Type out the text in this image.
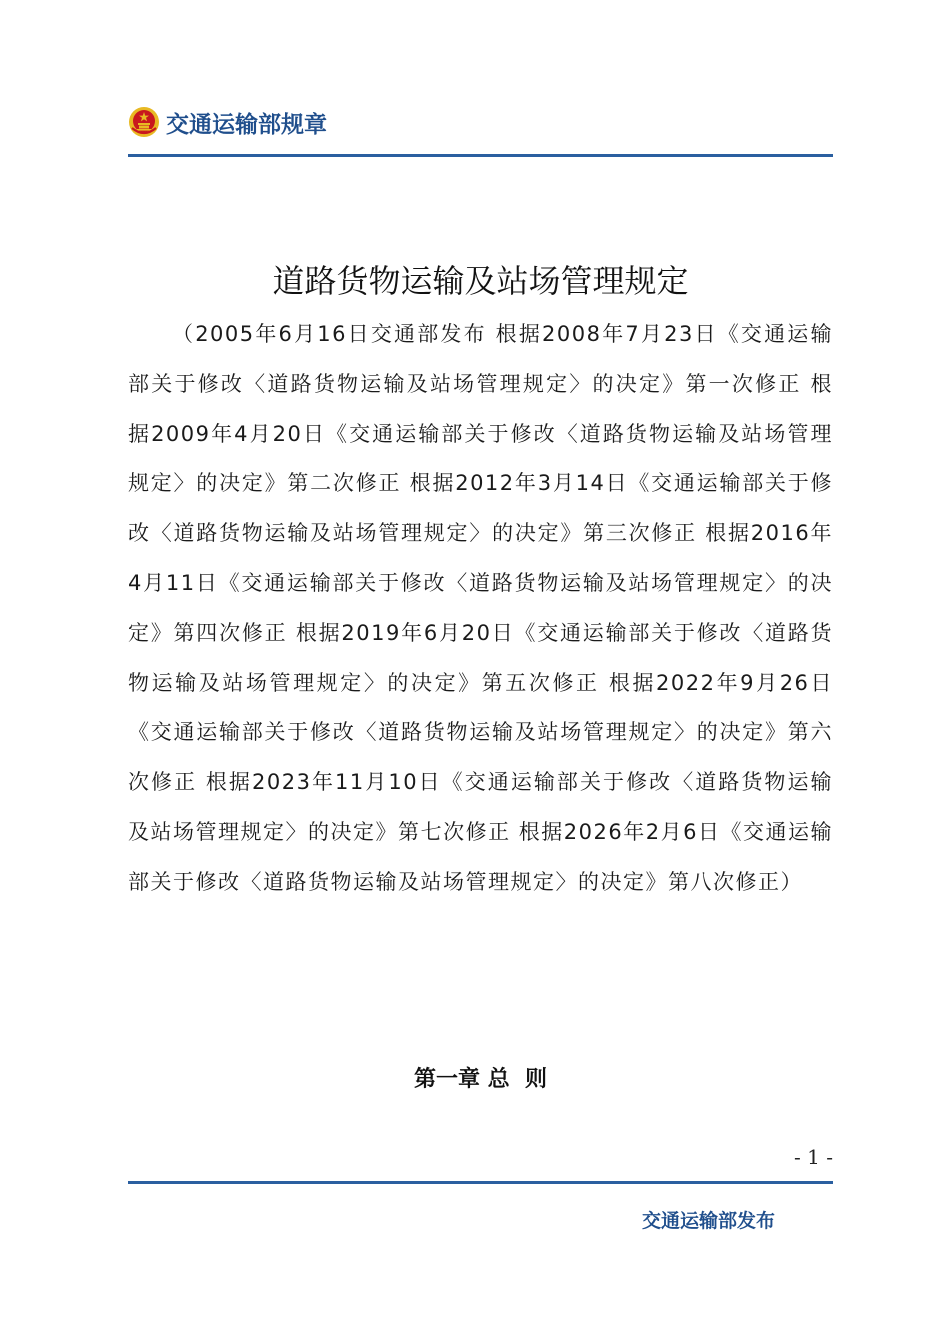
交通运输部规章
道路货物运输及站场管理规定

（2005年6月16日交通部发布 根据2008年7月23日《交通运输部关于修改〈道路货物运输及站场管理规定〉的决定》第一次修正 根据2009年4月20日《交通运输部关于修改〈道路货物运输及站场管理规定〉的决定》第二次修正 根据2012年3月14日《交通运输部关于修改〈道路货物运输及站场管理规定〉的决定》第三次修正 根据2016年4月11日《交通运输部关于修改〈道路货物运输及站场管理规定〉的决定》第四次修正 根据2019年6月20日《交通运输部关于修改〈道路货物运输及站场管理规定〉的决定》第五次修正 根据2022年9月26日《交通运输部关于修改〈道路货物运输及站场管理规定〉的决定》第六次修正 根据2023年11月10日《交通运输部关于修改〈道路货物运输及站场管理规定〉的决定》第七次修正 根据2026年2月6日《交通运输部关于修改〈道路货物运输及站场管理规定〉的决定》第八次修正）

第一章 总  则
- 1 -
交通运输部发布
